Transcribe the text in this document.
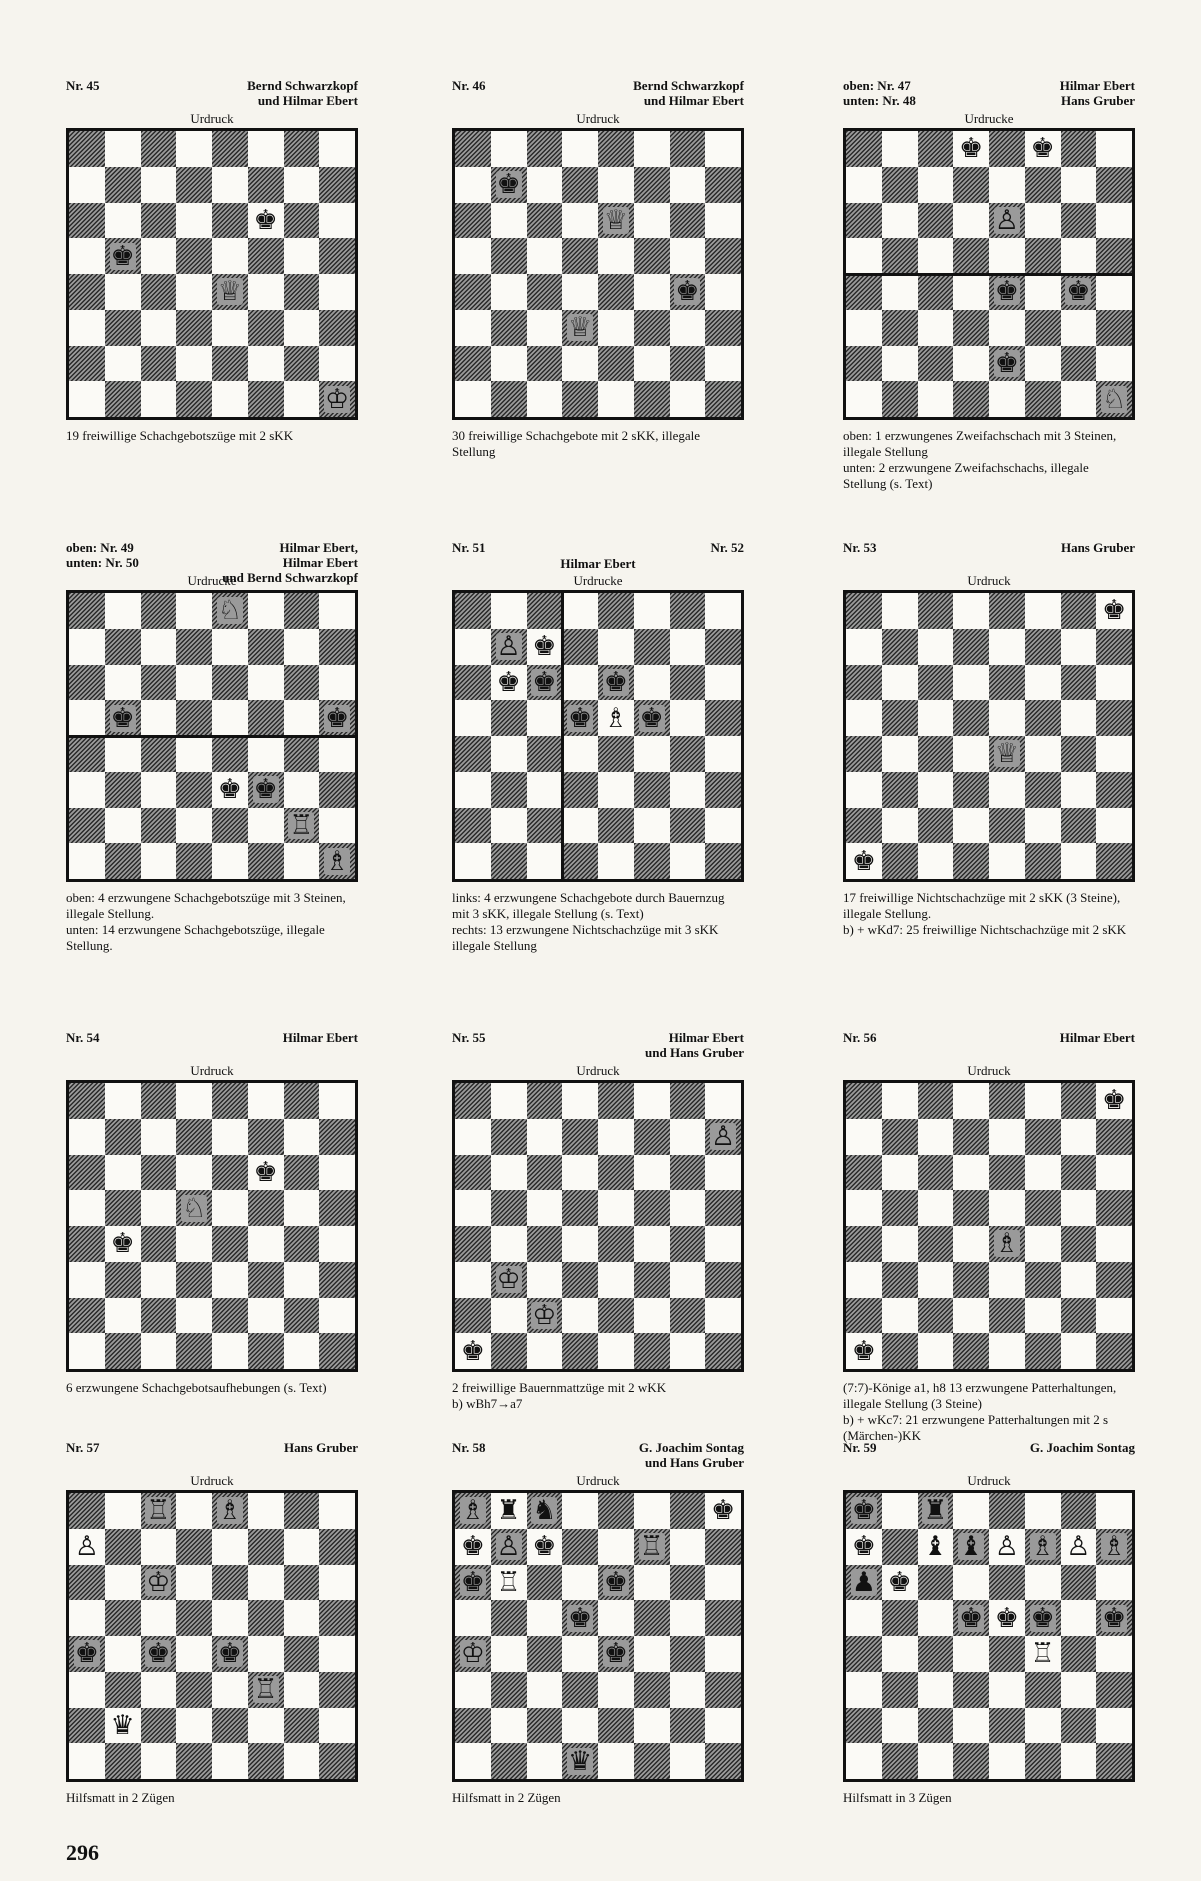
Nr. 45	Bernd Schwarzkopf
und Hilmar Ebert
Urdruck
♚
♚
♕
♔
19 freiwillige Schachgebotszüge mit 2 sKK
Nr. 46	Bernd Schwarzkopf
und Hilmar Ebert
Urdruck
♚
♕
♚
♕
30 freiwillige Schachgebote mit 2 sKK, illegale Stellung
oben: Nr. 47
unten: Nr. 48
Hilmar Ebert
Hans Gruber
Urdrucke
♚ ♚
♙
♚ ♚
♚
♘
oben: 1 erzwungenes Zweifachschach mit 3 Steinen, illegale Stellung
unten: 2 erzwungene Zweifachschachs, illegale Stellung (s. Text)
oben: Nr. 49
unten: Nr. 50
Hilmar Ebert,
Hilmar Ebert
und Bernd Schwarzkopf
Urdrucke
♘
♚	♚
♚ ♚
♖
♗
oben: 4 erzwungene Schachgebotszüge mit 3 Steinen, illegale Stellung.
unten: 14 erzwungene Schachgebotszüge, illegale Stellung.
Nr. 51	Nr. 52
Hilmar Ebert
Urdrucke
♙ ♚
♚ ♚ ♚
♚ ♗ ♚
links: 4 erzwungene Schachgebote durch Bauernzug mit 3 sKK, illegale Stellung (s. Text)
rechts: 13 erzwungene Nichtschachzüge mit 3 sKK illegale Stellung
Nr. 53	Hans Gruber
Urdruck
♚
♕
♚
17 freiwillige Nichtschachzüge mit 2 sKK (3 Steine), illegale Stellung.
b) + wKd7: 25 freiwillige Nichtschachzüge mit 2 sKK
Nr. 54	Hilmar Ebert
Urdruck
♚
♘
♚
6 erzwungene Schachgebotsaufhebungen (s. Text)
Nr. 55	Hilmar Ebert
und Hans Gruber
Urdruck
♙
♔
♔
♚
2 freiwillige Bauernmattzüge mit 2 wKK
b) wBh7→a7
Nr. 56	Hilmar Ebert
Urdruck
♚
♗
♚
(7:7)-Könige a1, h8 13 erzwungene Patterhaltungen, illegale Stellung (3 Steine)
b) + wKc7: 21 erzwungene Patterhaltungen mit 2 s (Märchen-)KK
Nr. 57	Hans Gruber
Urdruck
♖ ♗
♙
♔
♚ ♚ ♚
♖
♛
Hilfsmatt in 2 Zügen
Nr. 58	G. Joachim Sontag
und Hans Gruber
Urdruck
♗ ♜ ♞	♚
♚ ♙ ♚	♖
♚ ♖	♚
♚
♔	♚
♛
Hilfsmatt in 2 Zügen
Nr. 59	G. Joachim Sontag
Urdruck
♚ ♜
♚ ♝ ♝ ♙ ♗ ♙ ♗
♟ ♚
♚ ♚ ♚ ♚
♖
Hilfsmatt in 3 Zügen
296
